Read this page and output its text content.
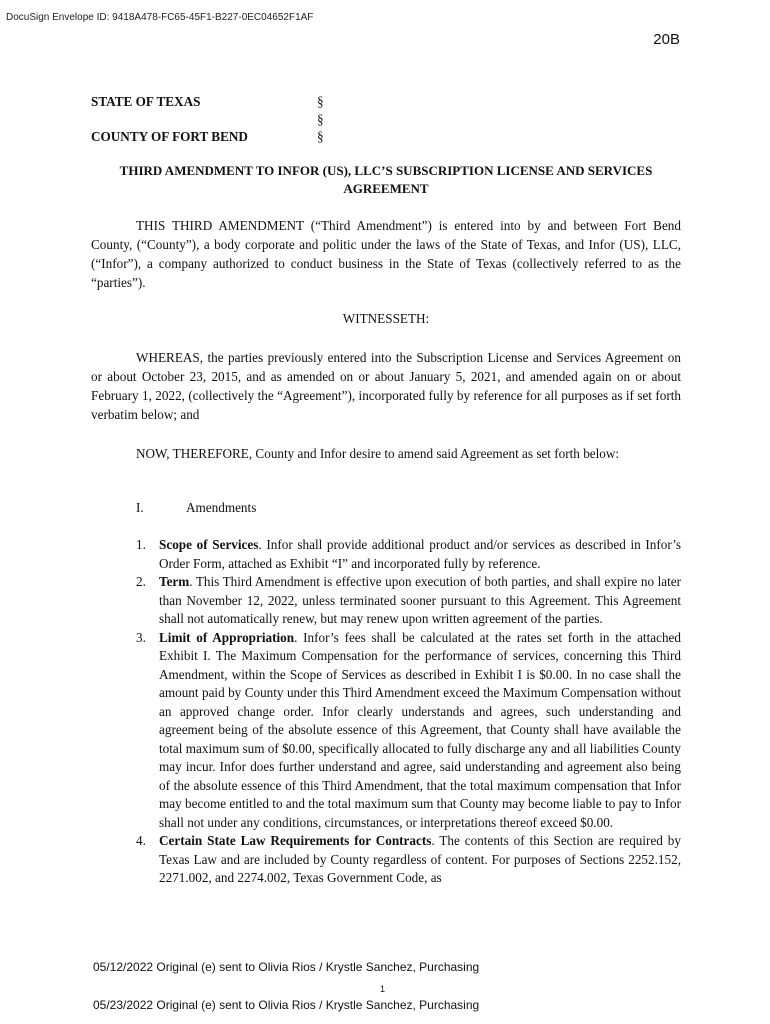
DocuSign Envelope ID: 9418A478-FC65-45F1-B227-0EC04652F1AF
20B
STATE OF TEXAS	§
§
COUNTY OF FORT BEND	§
THIRD AMENDMENT TO INFOR (US), LLC’S SUBSCRIPTION LICENSE AND SERVICES AGREEMENT

THIS THIRD AMENDMENT (“Third Amendment”) is entered into by and between Fort Bend County, (“County”), a body corporate and politic under the laws of the State of Texas, and Infor (US), LLC, (“Infor”), a company authorized to conduct business in the State of Texas (collectively referred to as the “parties”).

WITNESSETH:

WHEREAS, the parties previously entered into the Subscription License and Services Agreement on or about October 23, 2015, and as amended on or about January 5, 2021, and amended again on or about February 1, 2022, (collectively the “Agreement”), incorporated fully by reference for all purposes as if set forth verbatim below; and

NOW, THEREFORE, County and Infor desire to amend said Agreement as set forth below:

I.	Amendments
1. Scope of Services. Infor shall provide additional product and/or services as described in Infor’s Order Form, attached as Exhibit “I” and incorporated fully by reference.
2. Term. This Third Amendment is effective upon execution of both parties, and shall expire no later than November 12, 2022, unless terminated sooner pursuant to this Agreement. This Agreement shall not automatically renew, but may renew upon written agreement of the parties.
3. Limit of Appropriation. Infor’s fees shall be calculated at the rates set forth in the attached Exhibit I. The Maximum Compensation for the performance of services, concerning this Third Amendment, within the Scope of Services as described in Exhibit I is $0.00. In no case shall the amount paid by County under this Third Amendment exceed the Maximum Compensation without an approved change order. Infor clearly understands and agrees, such understanding and agreement being of the absolute essence of this Agreement, that County shall have available the total maximum sum of $0.00, specifically allocated to fully discharge any and all liabilities County may incur. Infor does further understand and agree, said understanding and agreement also being of the absolute essence of this Third Amendment, that the total maximum compensation that Infor may become entitled to and the total maximum sum that County may become liable to pay to Infor shall not under any conditions, circumstances, or interpretations thereof exceed $0.00.
4. Certain State Law Requirements for Contracts. The contents of this Section are required by Texas Law and are included by County regardless of content. For purposes of Sections 2252.152, 2271.002, and 2274.002, Texas Government Code, as
05/12/2022 Original (e) sent to Olivia Rios / Krystle Sanchez, Purchasing
1
05/23/2022 Original (e) sent to Olivia Rios / Krystle Sanchez, Purchasing
